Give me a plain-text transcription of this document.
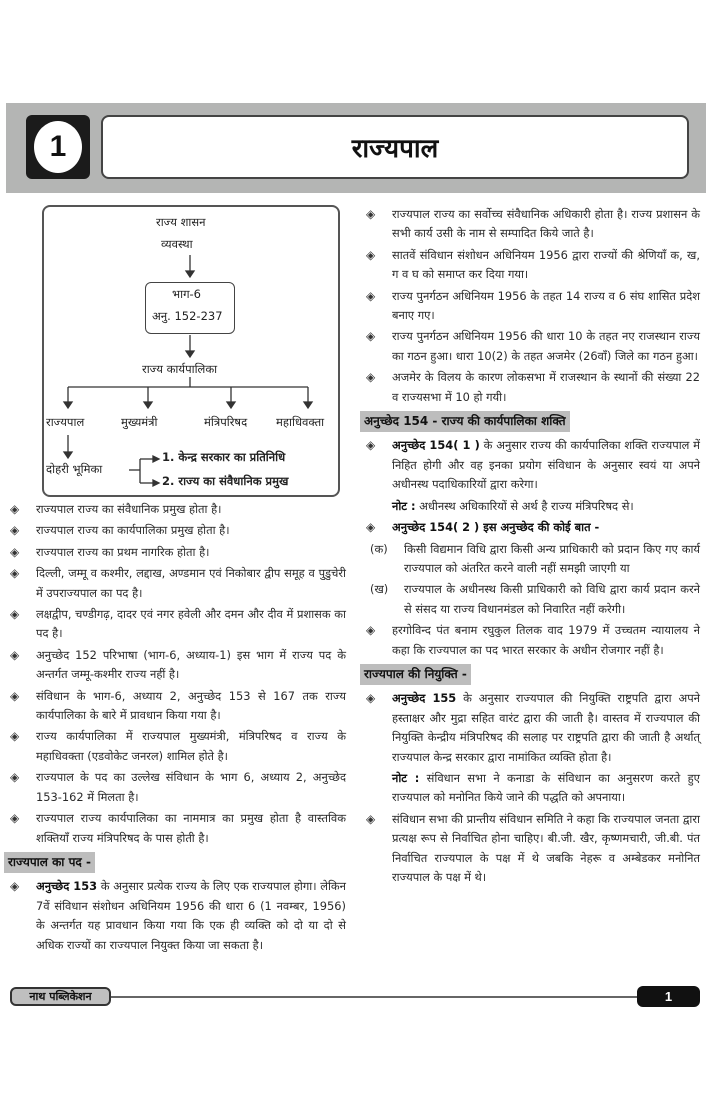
1	राज्यपाल
राज्य शासन
व्यवस्था
भाग-6
अनु. 152-237
राज्य कार्यपालिका
राज्यपाल	मुख्यमंत्री	मंत्रिपरिषद	महाधिवक्ता
दोहरी भूमिका
1. केन्द्र सरकार का प्रतिनिधि
2. राज्य का संवैधानिक प्रमुख
◈ राज्यपाल राज्य का संवैधानिक प्रमुख होता है।
◈ राज्यपाल राज्य का कार्यपालिका प्रमुख होता है।
◈ राज्यपाल राज्य का प्रथम नागरिक होता है।
◈ दिल्ली, जम्मू व कश्मीर, लद्दाख, अण्डमान एवं निकोबार द्वीप समूह व पुडुचेरी में उपराज्यपाल का पद है।
◈ लक्षद्वीप, चण्डीगढ़, दादर एवं नगर हवेली और दमन और दीव में प्रशासक का पद है।
◈ अनुच्छेद 152 परिभाषा (भाग-6, अध्याय-1) इस भाग में राज्य पद के अन्तर्गत जम्मू-कश्मीर राज्य नहीं है।
◈ संविधान के भाग-6, अध्याय 2, अनुच्छेद 153 से 167 तक राज्य कार्यपालिका के बारे में प्रावधान किया गया है।
◈ राज्य कार्यपालिका में राज्यपाल मुख्यमंत्री, मंत्रिपरिषद व राज्य के महाधिवक्ता (एडवोकेट जनरल) शामिल होते है।
◈ राज्यपाल के पद का उल्लेख संविधान के भाग 6, अध्याय 2, अनुच्छेद 153-162 में मिलता है।
◈ राज्यपाल राज्य कार्यपालिका का नाममात्र का प्रमुख होता है वास्तविक शक्तियाँ राज्य मंत्रिपरिषद के पास होती है।
राज्यपाल का पद -
◈ अनुच्छेद 153 के अनुसार प्रत्येक राज्य के लिए एक राज्यपाल होगा। लेकिन 7वें संविधान संशोधन अधिनियम 1956 की धारा 6 (1 नवम्बर, 1956) के अन्तर्गत यह प्रावधान किया गया कि एक ही व्यक्ति को दो या दो से अधिक राज्यों का राज्यपाल नियुक्त किया जा सकता है।
◈ राज्यपाल राज्य का सर्वोच्च संवैधानिक अधिकारी होता है। राज्य प्रशासन के सभी कार्य उसी के नाम से सम्पादित किये जाते है।
◈ सातवें संविधान संशोधन अधिनियम 1956 द्वारा राज्यों की श्रेणियाँ क, ख, ग व घ को समाप्त कर दिया गया।
◈ राज्य पुनर्गठन अधिनियम 1956 के तहत 14 राज्य व 6 संघ शासित प्रदेश बनाए गए।
◈ राज्य पुनर्गठन अधिनियम 1956 की धारा 10 के तहत नए राजस्थान राज्य का गठन हुआ। धारा 10(2) के तहत अजमेर (26वाँ) जिले का गठन हुआ।
◈ अजमेर के विलय के कारण लोकसभा में राजस्थान के स्थानों की संख्या 22 व राज्यसभा में 10 हो गयी।
अनुच्छेद 154 - राज्य की कार्यपालिका शक्ति
◈ अनुच्छेद 154( 1 ) के अनुसार राज्य की कार्यपालिका शक्ति राज्यपाल में निहित होगी और वह इनका प्रयोग संविधान के अनुसार स्वयं या अपने अधीनस्थ पदाधिकारियों द्वारा करेगा।
नोट : अधीनस्थ अधिकारियों से अर्थ है राज्य मंत्रिपरिषद से।
◈ अनुच्छेद 154( 2 ) इस अनुच्छेद की कोई बात -
(क) किसी विद्यमान विधि द्वारा किसी अन्य प्राधिकारी को प्रदान किए गए कार्य राज्यपाल को अंतरित करने वाली नहीं समझी जाएगी या
(ख) राज्यपाल के अधीनस्थ किसी प्राधिकारी को विधि द्वारा कार्य प्रदान करने से संसद या राज्य विधानमंडल को निवारित नहीं करेगी।
◈ हरगोविन्द पंत बनाम रघुकुल तिलक वाद 1979 में उच्चतम न्यायालय ने कहा कि राज्यपाल का पद भारत सरकार के अधीन रोजगार नहीं है।
राज्यपाल की नियुक्ति -
◈ अनुच्छेद 155 के अनुसार राज्यपाल की नियुक्ति राष्ट्रपति द्वारा अपने हस्ताक्षर और मुद्रा सहित वारंट द्वारा की जाती है। वास्तव में राज्यपाल की नियुक्ति केन्द्रीय मंत्रिपरिषद की सलाह पर राष्ट्रपति द्वारा की जाती है अर्थात् राज्यपाल केन्द्र सरकार द्वारा नामांकित व्यक्ति होता है।
नोट : संविधान सभा ने कनाडा के संविधान का अनुसरण करते हुए राज्यपाल को मनोनित किये जाने की पद्धति को अपनाया।
◈ संविधान सभा की प्रान्तीय संविधान समिति ने कहा कि राज्यपाल जनता द्वारा प्रत्यक्ष रूप से निर्वाचित होना चाहिए। बी.जी. खैर, कृष्णमचारी, जी.बी. पंत निर्वाचित राज्यपाल के पक्ष में थे जबकि नेहरू व अम्बेडकर मनोनित राज्यपाल के पक्ष में थे।
नाथ पब्लिकेशन	1
